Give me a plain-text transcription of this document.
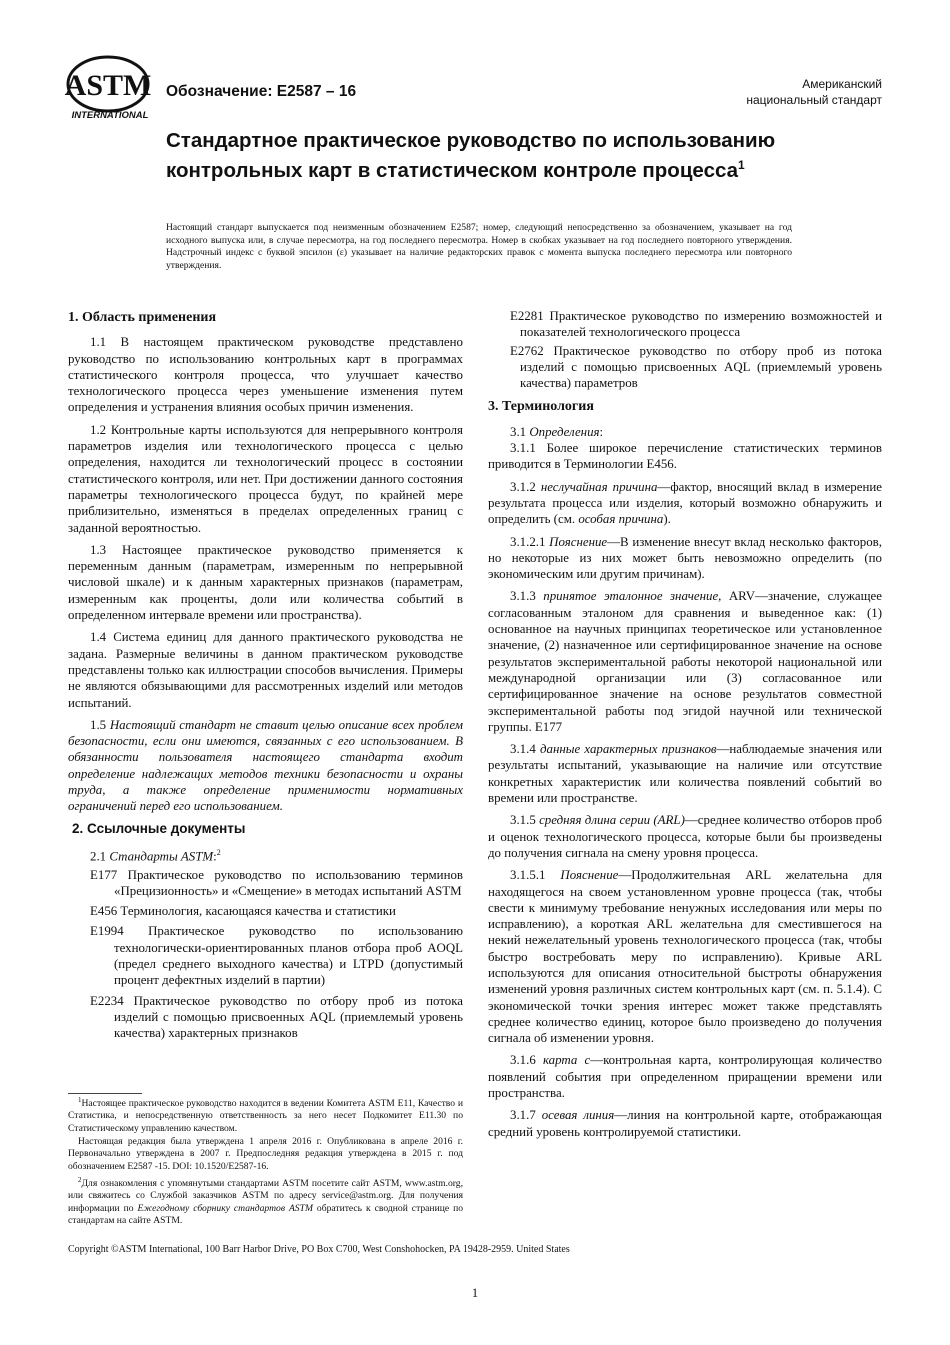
ASTM
INTERNATIONAL
Обозначение: E2587 – 16	Американский
национальный стандарт
Стандартное практическое руководство по использованию контрольных карт в статистическом контроле процесса$^1$

Настоящий стандарт выпускается под неизменным обозначением E2587; номер, следующий непосредственно за обозначением, указывает на год исходного выпуска или, в случае пересмотра, на год последнего пересмотра. Номер в скобках указывает на год последнего повторного утверждения. Надстрочный индекс с буквой эпсилон (ε) указывает на наличие редакторских правок с момента выпуска последнего пересмотра или повторного утверждения.

1. Область применения

1.1 В настоящем практическом руководстве представлено руководство по использованию контрольных карт в программах статистического контроля процесса, что улучшает качество технологического процесса через уменьшение изменения путем определения и устранения влияния особых причин изменения.

1.2 Контрольные карты используются для непрерывного контроля параметров изделия или технологического процесса с целью определения, находится ли технологический процесс в состоянии статистического контроля, или нет. При достижении данного состояния параметры технологического процесса будут, по крайней мере приблизительно, изменяться в пределах определенных границ с заданной вероятностью.

1.3 Настоящее практическое руководство применяется к переменным данным (параметрам, измеренным по непрерывной числовой шкале) и к данным характерных признаков (параметрам, измеренным как проценты, доли или количества событий в определенном интервале времени или пространства).

1.4 Система единиц для данного практического руководства не задана. Размерные величины в данном практическом руководстве представлены только как иллюстрации способов вычисления. Примеры не являются обязывающими для рассмотренных изделий или методов испытаний.

1.5 Настоящий стандарт не ставит целью описание всех проблем безопасности, если они имеются, связанных с его использованием. В обязанности пользователя настоящего стандарта входит определение надлежащих методов техники безопасности и охраны труда, а также определение применимости нормативных ограничений перед его использованием.

2. Ссылочные документы
2.1 Стандарты ASTM:$^2$
E177 Практическое руководство по использованию терминов «Прецизионность» и «Смещение» в методах испытаний ASTM
E456 Терминология, касающаяся качества и статистики
E1994 Практическое руководство по использованию технологически-ориентированных планов отбора проб AOQL (предел среднего выходного качества) и LTPD (допустимый процент дефектных изделий в партии)
E2234 Практическое руководство по отбору проб из потока изделий с помощью присвоенных AQL (приемлемый уровень качества) характерных признаков
E2281 Практическое руководство по измерению возможностей и показателей технологического процесса
E2762 Практическое руководство по отбору проб из потока изделий с помощью присвоенных AQL (приемлемый уровень качества) параметров
3. Терминология

3.1 Определения:

3.1.1 Более широкое перечисление статистических терминов приводится в Терминологии E456.

3.1.2 неслучайная причина—фактор, вносящий вклад в измерение результата процесса или изделия, который возможно обнаружить и определить (см. особая причина).

3.1.2.1 Пояснение—В изменение внесут вклад несколько факторов, но некоторые из них может быть невозможно определить (по экономическим или другим причинам).

3.1.3 принятое эталонное значение, ARV—значение, служащее согласованным эталоном для сравнения и выведенное как: (1) основанное на научных принципах теоретическое или установленное значение, (2) назначенное или сертифицированное значение на основе результатов экспериментальной работы некоторой национальной или международной организации или (3) согласованное или сертифицированное значение на основе результатов совместной экспериментальной работы под эгидой научной или технической группы. E177

3.1.4 данные характерных признаков—наблюдаемые значения или результаты испытаний, указывающие на наличие или отсутствие конкретных характеристик или количества появлений событий во времени или пространстве.

3.1.5 средняя длина серии (ARL)—среднее количество отборов проб и оценок технологического процесса, которые были бы произведены до получения сигнала на смену уровня процесса.

3.1.5.1 Пояснение—Продолжительная ARL желательна для находящегося на своем установленном уровне процесса (так, чтобы свести к минимуму требование ненужных исследования или меры по исправлению), а короткая ARL желательна для сместившегося на некий нежелательный уровень технологического процесса (так, чтобы быстро востребовать меру по исправлению). Кривые ARL используются для описания относительной быстроты обнаружения изменений уровня различных систем контрольных карт (см. п. 5.1.4). С экономической точки зрения интерес может также представлять среднее количество единиц, которое было произведено до получения сигнала об изменении уровня.

3.1.6 карта c—контрольная карта, контролирующая количество появлений события при определенном приращении времени или пространства.

3.1.7 осевая линия—линия на контрольной карте, отображающая средний уровень контролируемой статистики.

$^1$Настоящее практическое руководство находится в ведении Комитета ASTM E11, Качество и Статистика, и непосредственную ответственность за него несет Подкомитет E11.30 по Статистическому управлению качеством.

Настоящая редакция была утверждена 1 апреля 2016 г. Опубликована в апреле 2016 г. Первоначально утверждена в 2007 г. Предпоследняя редакция утверждена в 2015 г. под обозначением E2587 -15. DOI: 10.1520/E2587-16.

$^2$Для ознакомления с упомянутыми стандартами ASTM посетите сайт ASTM, www.astm.org, или свяжитесь со Службой заказчиков ASTM по адресу service@astm.org. Для получения информации по Ежегодному сборнику стандартов ASTM обратитесь к сводной странице по стандартам на сайте ASTM.

Copyright ©ASTM International, 100 Barr Harbor Drive, PO Box C700, West Conshohocken, PA 19428-2959. United States
1
